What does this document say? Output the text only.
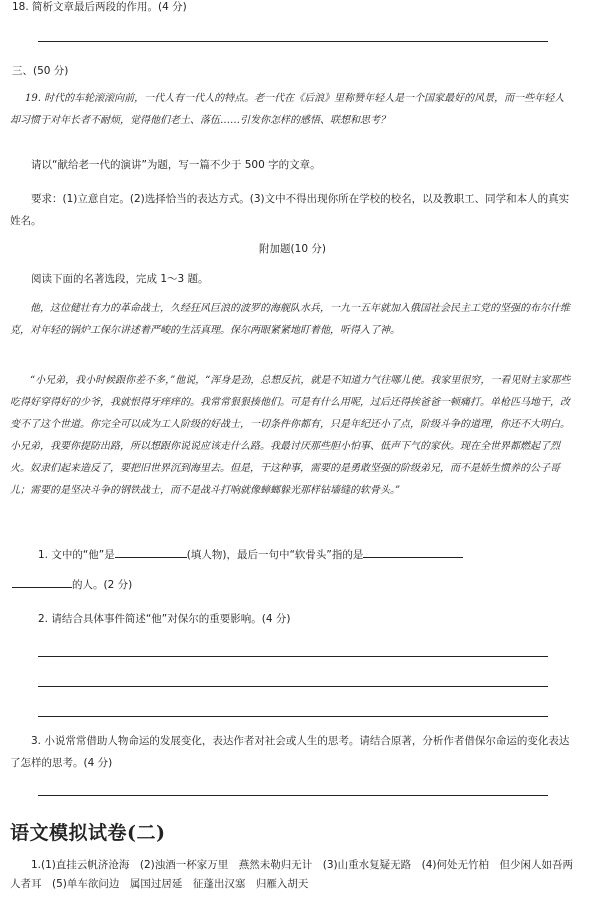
18. 简析文章最后两段的作用。(4 分)
三、(50 分)
19. 时代的车轮滚滚向前，一代人有一代人的特点。老一代在《后浪》里称赞年轻人是一个国家最好的风景，而一些年轻人却习惯于对年长者不耐烦，觉得他们老土、落伍……引发你怎样的感悟、联想和思考？
请以“献给老一代的演讲”为题，写一篇不少于 500 字的文章。
要求：(1)立意自定。(2)选择恰当的表达方式。(3)文中不得出现你所在学校的校名，以及教职工、同学和本人的真实姓名。
附加题(10 分)
阅读下面的名著选段，完成 1～3 题。
他，这位健壮有力的革命战士，久经狂风巨浪的波罗的海舰队水兵，一九一五年就加入俄国社会民主工党的坚强的布尔什维克，对年轻的锅炉工保尔讲述着严峻的生活真理。保尔两眼紧紧地盯着他，听得入了神。
“小兄弟，我小时候跟你差不多，”他说，“浑身是劲，总想反抗，就是不知道力气往哪儿使。我家里很穷，一看见财主家那些吃得好穿得好的少爷，我就恨得牙痒痒的。我常常狠狠揍他们。可是有什么用呢，过后还得挨爸爸一顿痛打。单枪匹马地干，改变不了这个世道。你完全可以成为工人阶级的好战士，一切条件你都有，只是年纪还小了点，阶级斗争的道理，你还不大明白。小兄弟，我要你提防出路，所以想跟你说说应该走什么路。我最讨厌那些胆小怕事、低声下气的家伙。现在全世界都燃起了烈火。奴隶们起来造反了，要把旧世界沉到海里去。但是，干这种事，需要的是勇敢坚强的阶级弟兄，而不是娇生惯养的公子哥儿；需要的是坚决斗争的钢铁战士，而不是战斗打响就像蟑螂躲光那样钻墙缝的软骨头。”
1. 文中的“他”是	(填人物)，最后一句中“软骨头”指的是
的人。(2 分)
2. 请结合具体事件简述“他”对保尔的重要影响。(4 分)
3. 小说常常借助人物命运的发展变化，表达作者对社会或人生的思考。请结合原著，分析作者借保尔命运的变化表达了怎样的思考。(4 分)
语文模拟试卷(二)
1.(1)直挂云帆济沧海　(2)浊酒一杯家万里　燕然未勒归无计　(3)山重水复疑无路　(4)何处无竹柏　但少闲人如吾两人者耳　(5)单车欲问边　属国过居延　征蓬出汉塞　归雁入胡天
